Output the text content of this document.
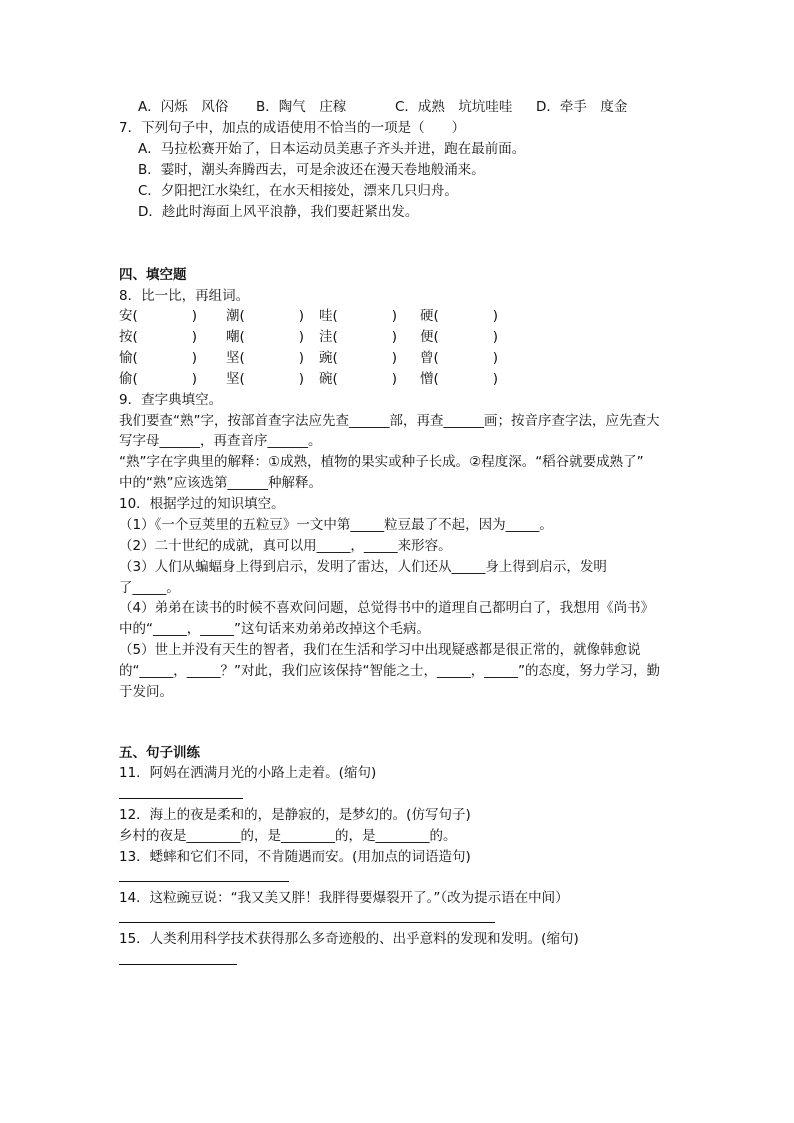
A．闪烁　风俗 B．陶气　庄稼	C．成熟　坑坑哇哇 D．牵手　度金
7．下列句子中，加点的成语使用不恰当的一项是（　　）
A．马拉松赛开始了，日本运动员美惠子齐头并进，跑在最前面。
B．霎时，潮头奔腾西去，可是余波还在漫天卷地般涌来。
C．夕阳把江水染红，在水天相接处，漂来几只归舟。
D．趁此时海面上风平浪静，我们要赶紧出发。
四、填空题
8．比一比，再组词。
安(　　　　) 潮(　　　　) 哇(　　　　) 硬(　　　　)
按(　　　　) 嘲(　　　　) 洼(　　　　) 便(　　　　)
愉(　　　　) 坚(　　　　) 豌(　　　　) 曾(　　　　)
偷(　　　　) 坚(　　　　) 碗(　　　　) 憎(　　　　)
9．查字典填空。
我们要查“熟”字，按部首查字法应先查______部，再查______画；按音序查字法，应先查大
写字母______，再查音序______。
“熟”字在字典里的解释：①成熟，植物的果实或种子长成。②程度深。“稻谷就要成熟了”
中的“熟”应该选第______种解释。
10．根据学过的知识填空。
（1）《一个豆荚里的五粒豆》一文中第_____粒豆最了不起，因为_____。
（2）二十世纪的成就，真可以用_____，_____来形容。
（3）人们从蝙蝠身上得到启示，发明了雷达，人们还从_____身上得到启示，发明
了_____。
（4）弟弟在读书的时候不喜欢问问题，总觉得书中的道理自己都明白了，我想用《尚书》
中的“_____，_____”这句话来劝弟弟改掉这个毛病。
（5）世上并没有天生的智者，我们在生活和学习中出现疑惑都是很正常的，就像韩愈说
的“_____，_____？”对此，我们应该保持“智能之士，_____，_____”的态度，努力学习，勤
于发问。
五、句子训练
11．阿妈在洒满月光的小路上走着。(缩句)
12．海上的夜是柔和的，是静寂的，是梦幻的。(仿写句子)
乡村的夜是________的，是________的，是________的。
13．蟋蟀和它们不同，不肯随遇而安。(用加点的词语造句)
14．这粒豌豆说：“我又美又胖！我胖得要爆裂开了。”（改为提示语在中间）
15．人类利用科学技术获得那么多奇迹般的、出乎意料的发现和发明。(缩句)
